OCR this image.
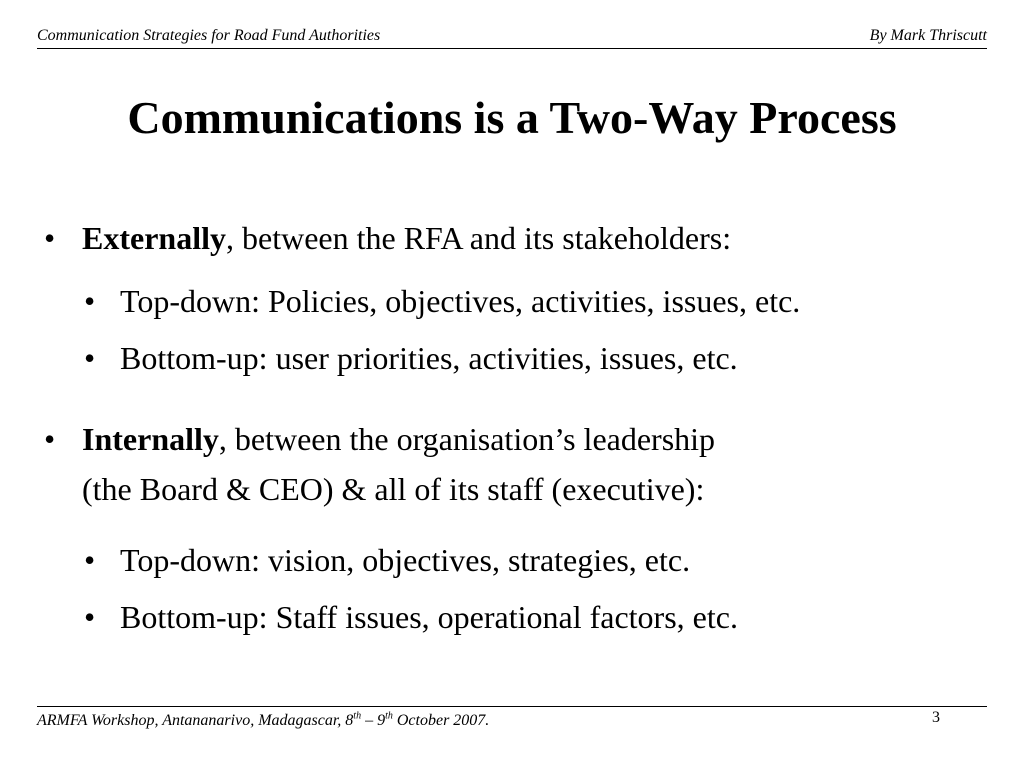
Communication Strategies for Road Fund Authorities	By Mark Thriscutt
Communications is a Two-Way Process
• Externally, between the RFA and its stakeholders:
• Top-down: Policies, objectives, activities, issues, etc.
• Bottom-up: user priorities, activities, issues, etc.
• Internally, between the organisation’s leadership
(the Board & CEO) & all of its staff (executive):
• Top-down: vision, objectives, strategies, etc.
• Bottom-up: Staff issues, operational factors, etc.
ARMFA Workshop, Antananarivo, Madagascar, 8th – 9th October 2007.	3
